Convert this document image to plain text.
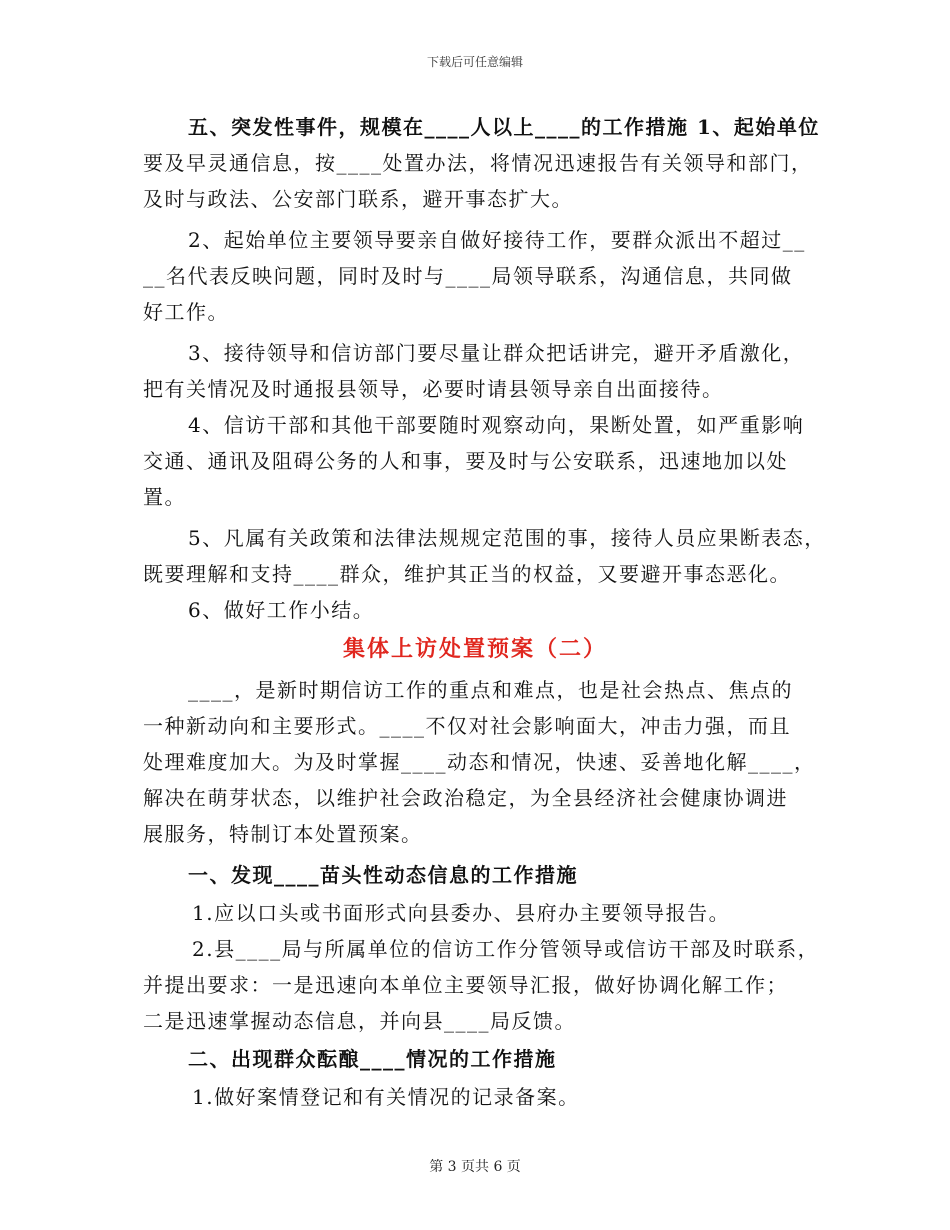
下载后可任意编辑
五、突发性事件，规模在____人以上____的工作措施 1、起始单位
要及早灵通信息，按____处置办法，将情况迅速报告有关领导和部门，
及时与政法、公安部门联系，避开事态扩大。
2、起始单位主要领导要亲自做好接待工作，要群众派出不超过__
__名代表反映问题，同时及时与____局领导联系，沟通信息，共同做
好工作。
3、接待领导和信访部门要尽量让群众把话讲完，避开矛盾激化，
把有关情况及时通报县领导，必要时请县领导亲自出面接待。
4、信访干部和其他干部要随时观察动向，果断处置，如严重影响
交通、通讯及阻碍公务的人和事，要及时与公安联系，迅速地加以处
置。
5、凡属有关政策和法律法规规定范围的事，接待人员应果断表态，
既要理解和支持____群众，维护其正当的权益，又要避开事态恶化。
6、做好工作小结。
集体上访处置预案（二）
____，是新时期信访工作的重点和难点，也是社会热点、焦点的
一种新动向和主要形式。____不仅对社会影响面大，冲击力强，而且
处理难度加大。为及时掌握____动态和情况，快速、妥善地化解____，
解决在萌芽状态，以维护社会政治稳定，为全县经济社会健康协调进
展服务，特制订本处置预案。
一、发现____苗头性动态信息的工作措施
1.应以口头或书面形式向县委办、县府办主要领导报告。
2.县____局与所属单位的信访工作分管领导或信访干部及时联系，
并提出要求：一是迅速向本单位主要领导汇报，做好协调化解工作；
二是迅速掌握动态信息，并向县____局反馈。
二、出现群众酝酿____情况的工作措施
1.做好案情登记和有关情况的记录备案。
第 3 页共 6 页
